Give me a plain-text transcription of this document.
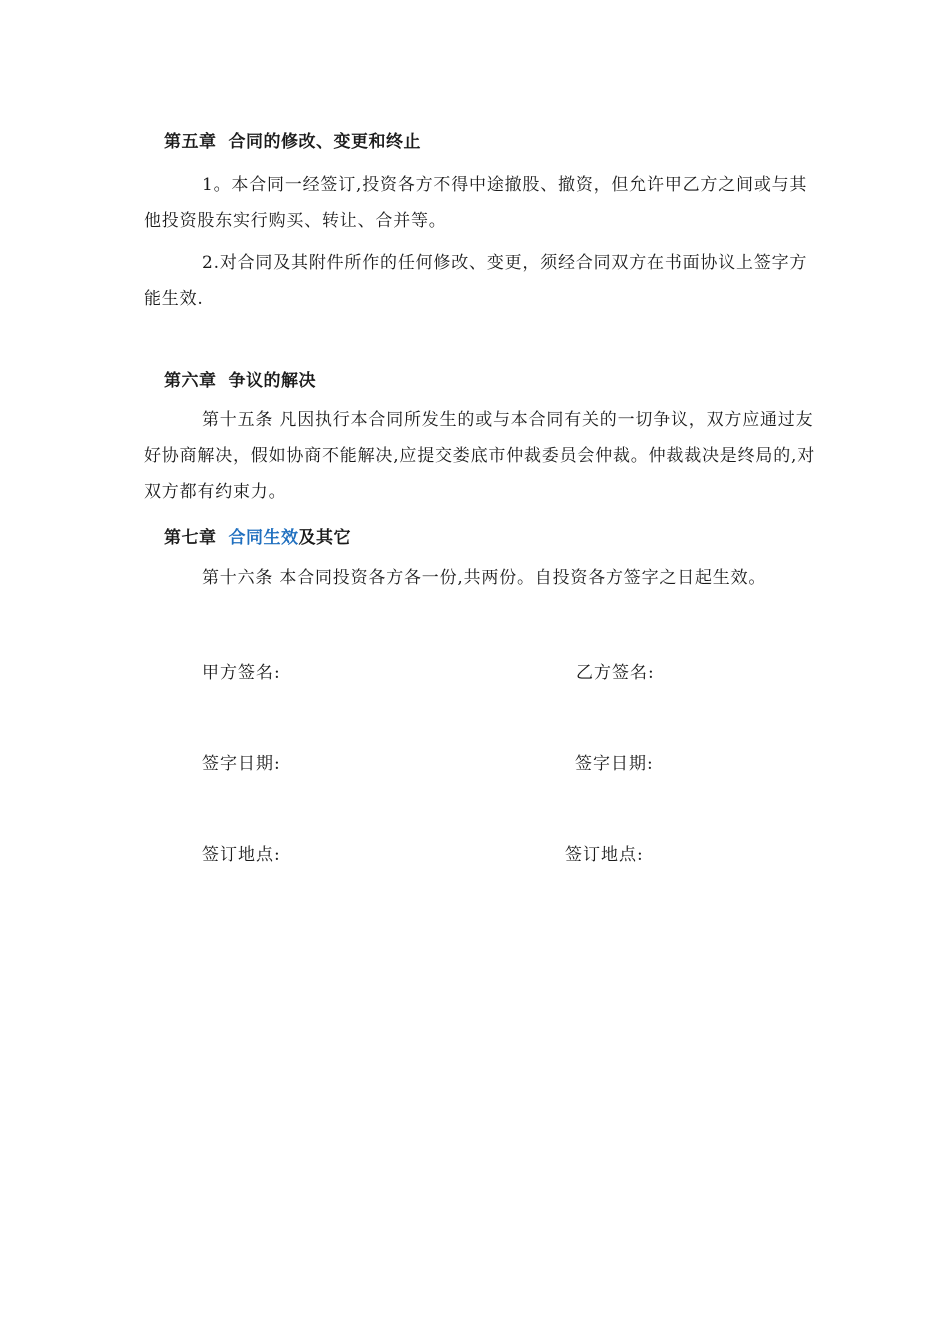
第五章 合同的修改、变更和终止
1。本合同一经签订,投资各方不得中途撤股、撤资，但允许甲乙方之间或与其他投资股东实行购买、转让、合并等。
2.对合同及其附件所作的任何修改、变更，须经合同双方在书面协议上签字方能生效.
第六章 争议的解决
第十五条 凡因执行本合同所发生的或与本合同有关的一切争议，双方应通过友好协商解决，假如协商不能解决,应提交娄底市仲裁委员会仲裁。仲裁裁决是终局的,对双方都有约束力。
第七章 合同生效及其它
第十六条 本合同投资各方各一份,共两份。自投资各方签字之日起生效。
甲方签名:	乙方签名:
签字日期:	签字日期:
签订地点:	签订地点:
